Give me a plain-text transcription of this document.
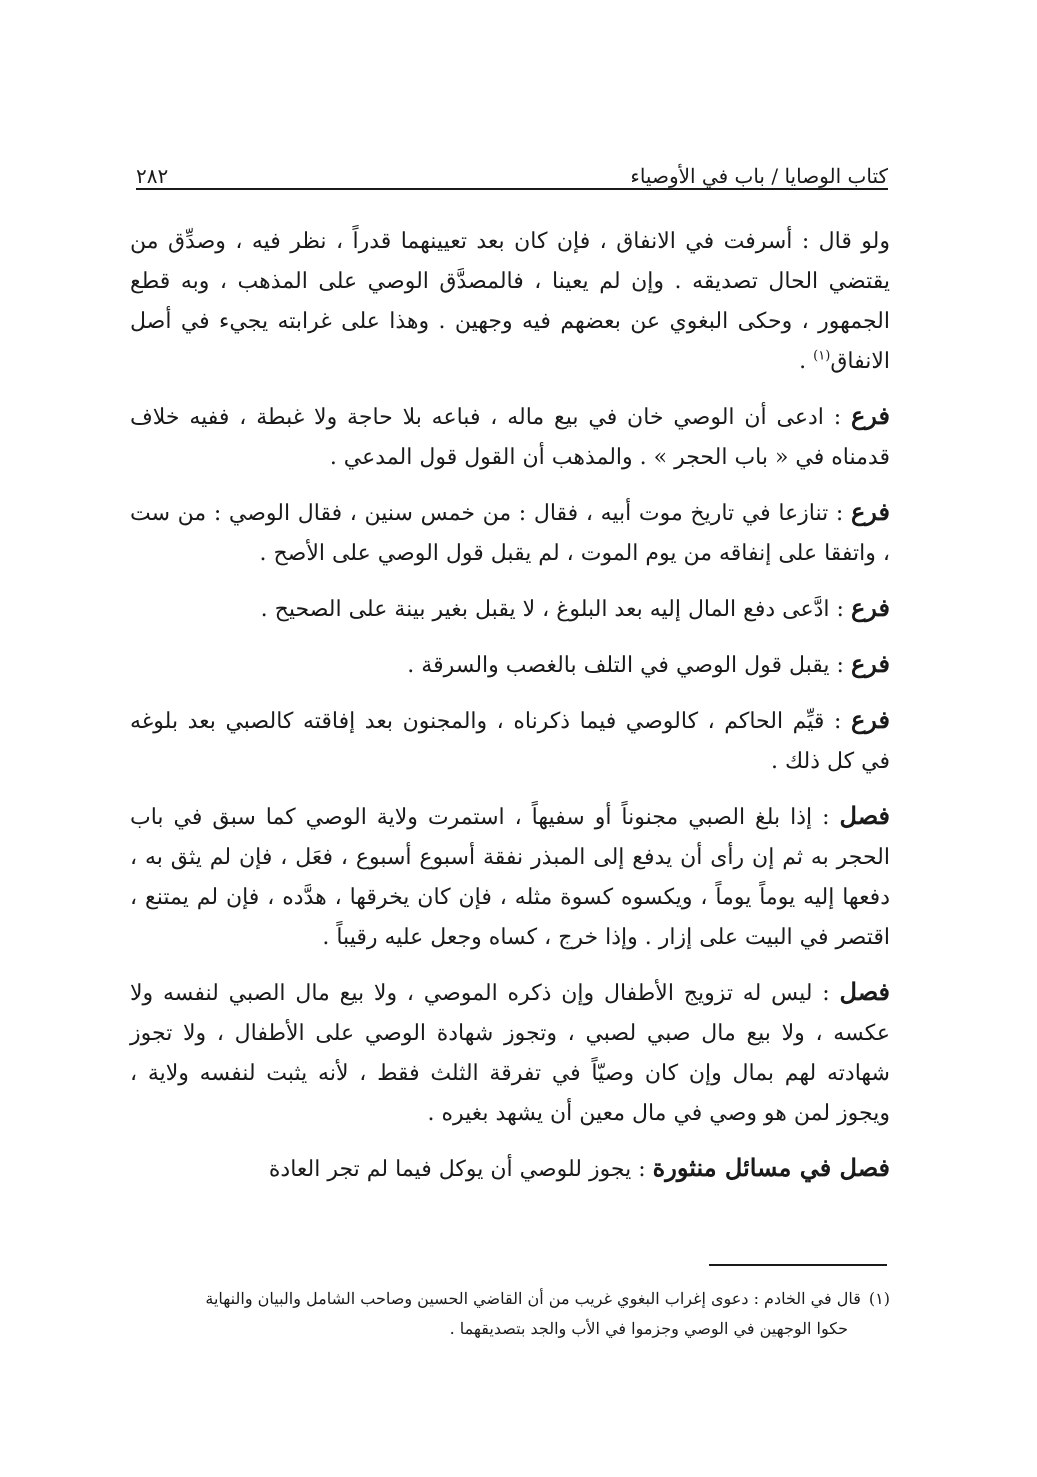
كتاب الوصايا / باب في الأوصياء
٢٨٢

ولو قال : أسرفت في الانفاق ، فإن كان بعد تعيينهما قدراً ، نظر فيه ، وصدِّق من يقتضي الحال تصديقه . وإن لم يعينا ، فالمصدَّق الوصي على المذهب ، وبه قطع الجمهور ، وحكى البغوي عن بعضهم فيه وجهين . وهذا على غرابته يجيء في أصل الانفاق$^{(١)}$ .

فرع : ادعى أن الوصي خان في بيع ماله ، فباعه بلا حاجة ولا غبطة ، ففيه خلاف قدمناه في « باب الحجر » . والمذهب أن القول قول المدعي .

فرع : تنازعا في تاريخ موت أبيه ، فقال : من خمس سنين ، فقال الوصي : من ست ، واتفقا على إنفاقه من يوم الموت ، لم يقبل قول الوصي على الأصح .

فرع : ادَّعى دفع المال إليه بعد البلوغ ، لا يقبل بغير بينة على الصحيح .

فرع : يقبل قول الوصي في التلف بالغصب والسرقة .

فرع : قيِّم الحاكم ، كالوصي فيما ذكرناه ، والمجنون بعد إفاقته كالصبي بعد بلوغه في كل ذلك .

فصل : إذا بلغ الصبي مجنوناً أو سفيهاً ، استمرت ولاية الوصي كما سبق في باب الحجر به ثم إن رأى أن يدفع إلى المبذر نفقة أسبوع أسبوع ، فعَل ، فإن لم يثق به ، دفعها إليه يوماً يوماً ، ويكسوه كسوة مثله ، فإن كان يخرقها ، هدَّده ، فإن لم يمتنع ، اقتصر في البيت على إزار . وإذا خرج ، كساه وجعل عليه رقيباً .

فصل : ليس له تزويج الأطفال وإن ذكره الموصي ، ولا بيع مال الصبي لنفسه ولا عكسه ، ولا بيع مال صبي لصبي ، وتجوز شهادة الوصي على الأطفال ، ولا تجوز شهادته لهم بمال وإن كان وصيّاً في تفرقة الثلث فقط ، لأنه يثبت لنفسه ولاية ، ويجوز لمن هو وصي في مال معين أن يشهد بغيره .

فصل في مسائل منثورة : يجوز للوصي أن يوكل فيما لم تجر العادة

(١)قال في الخادم : دعوى إغراب البغوي غريب من أن القاضي الحسين وصاحب الشامل والبيان والنهاية
حكوا الوجهين في الوصي وجزموا في الأب والجد بتصديقهما .
